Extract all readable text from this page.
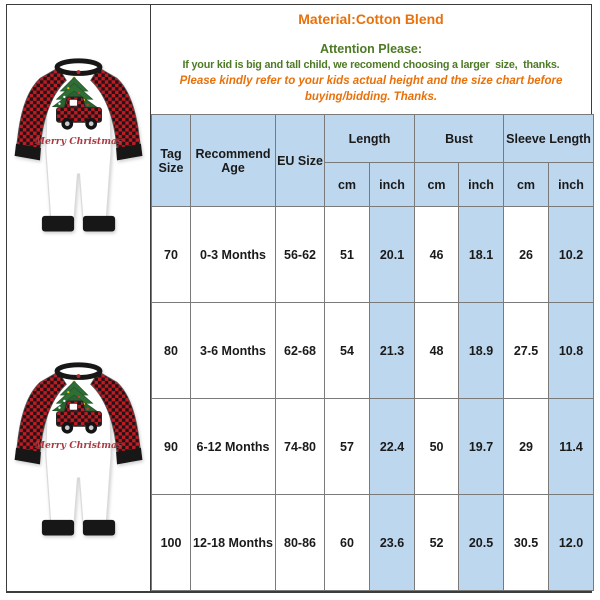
Merry Christmas
Merry Christmas
Material:Cotton Blend
Attention Please:
If your kid is big and tall child, we recomend choosing a larger  size,  thanks.
Please kindly refer to your kids actual height and the size chart before
buying/bidding. Thanks.
Tag Size	Recommend Age	EU Size	Length		Bust		Sleeve Length	
			cm	inch	cm	inch	cm	inch
70	0-3 Months	56-62	51	20.1	46	18.1	26	10.2
80	3-6 Months	62-68	54	21.3	48	18.9	27.5	10.8
90	6-12 Months	74-80	57	22.4	50	19.7	29	11.4
100	12-18 Months	80-86	60	23.6	52	20.5	30.5	12.0
